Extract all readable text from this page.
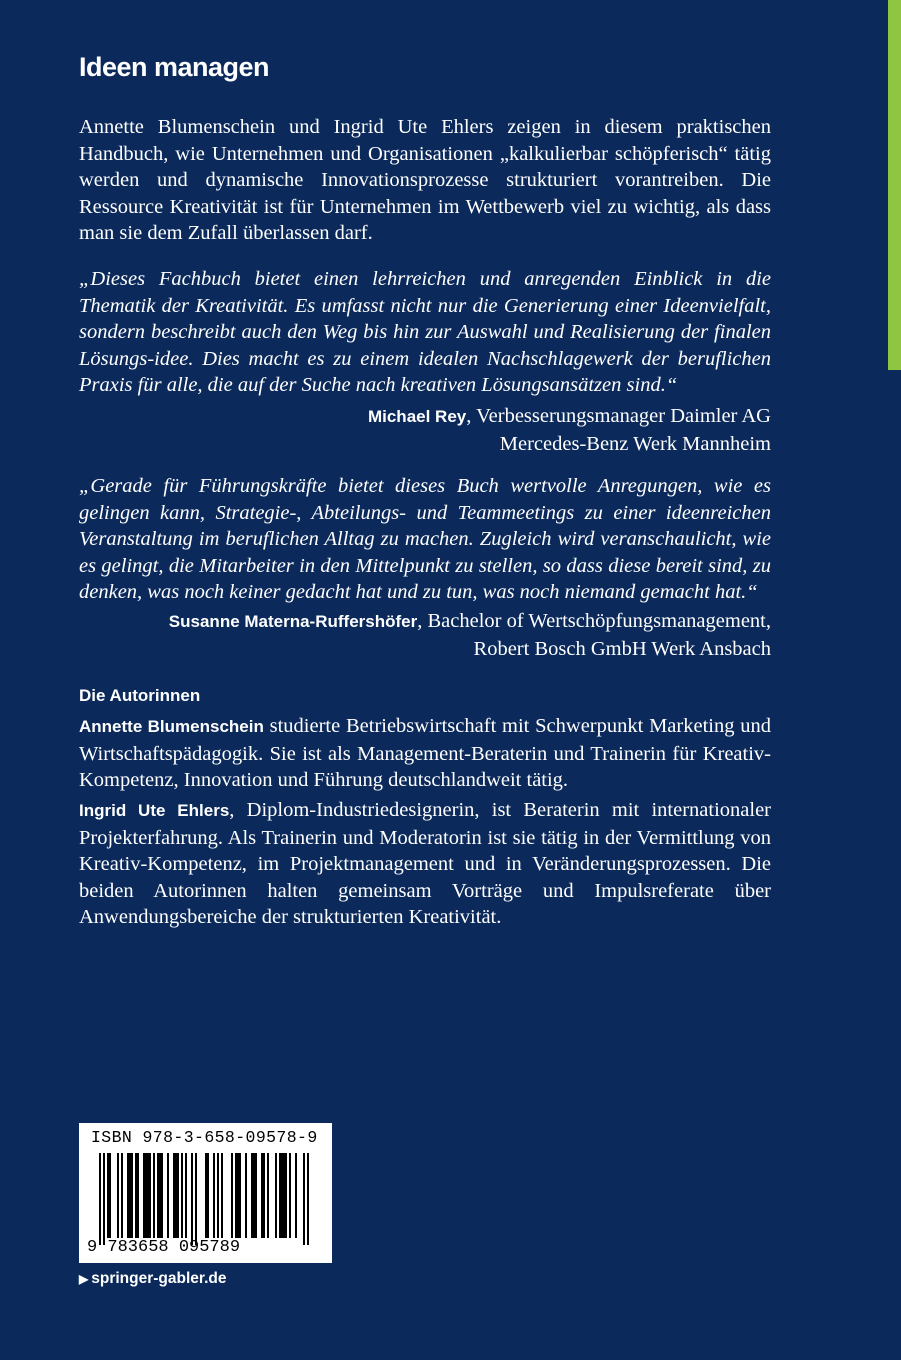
Ideen managen
Annette Blumenschein und Ingrid Ute Ehlers zeigen in diesem praktischen Handbuch, wie Unternehmen und Organisationen „kalkulierbar schöpferisch“ tätig werden und dynamische Innovationsprozesse strukturiert vorantreiben. Die Ressource Kreativität ist für Unternehmen im Wettbewerb viel zu wichtig, als dass man sie dem Zufall überlassen darf.
„Dieses Fachbuch bietet einen lehrreichen und anregenden Einblick in die Thematik der Kreativität. Es umfasst nicht nur die Generierung einer Ideenvielfalt, sondern beschreibt auch den Weg bis hin zur Auswahl und Realisierung der finalen Lösungs-idee. Dies macht es zu einem idealen Nachschlagewerk der beruflichen Praxis für alle, die auf der Suche nach kreativen Lösungsansätzen sind.“
Michael Rey, Verbesserungsmanager Daimler AG
Mercedes-Benz Werk Mannheim
„Gerade für Führungskräfte bietet dieses Buch wertvolle Anregungen, wie es gelingen kann, Strategie-, Abteilungs- und Teammeetings zu einer ideenreichen Veranstaltung im beruflichen Alltag zu machen. Zugleich wird veranschaulicht, wie es gelingt, die Mitarbeiter in den Mittelpunkt zu stellen, so dass diese bereit sind, zu denken, was noch keiner gedacht hat und zu tun, was noch niemand gemacht hat.“
Susanne Materna-Ruffershöfer, Bachelor of Wertschöpfungsmanagement,
Robert Bosch GmbH Werk Ansbach
Die Autorinnen
Annette Blumenschein studierte Betriebswirtschaft mit Schwerpunkt Marketing und Wirtschaftspädagogik. Sie ist als Management-Beraterin und Trainerin für Kreativ-Kompetenz, Innovation und Führung deutschlandweit tätig.
Ingrid Ute Ehlers, Diplom-Industriedesignerin, ist Beraterin mit internationaler Projekterfahrung. Als Trainerin und Moderatorin ist sie tätig in der Vermittlung von Kreativ-Kompetenz, im Projektmanagement und in Veränderungsprozessen. Die beiden Autorinnen halten gemeinsam Vorträge und Impulsreferate über Anwendungsbereiche der strukturierten Kreativität.
ISBN 978-3-658-09578-9
9 783658 095789
▶ springer-gabler.de
